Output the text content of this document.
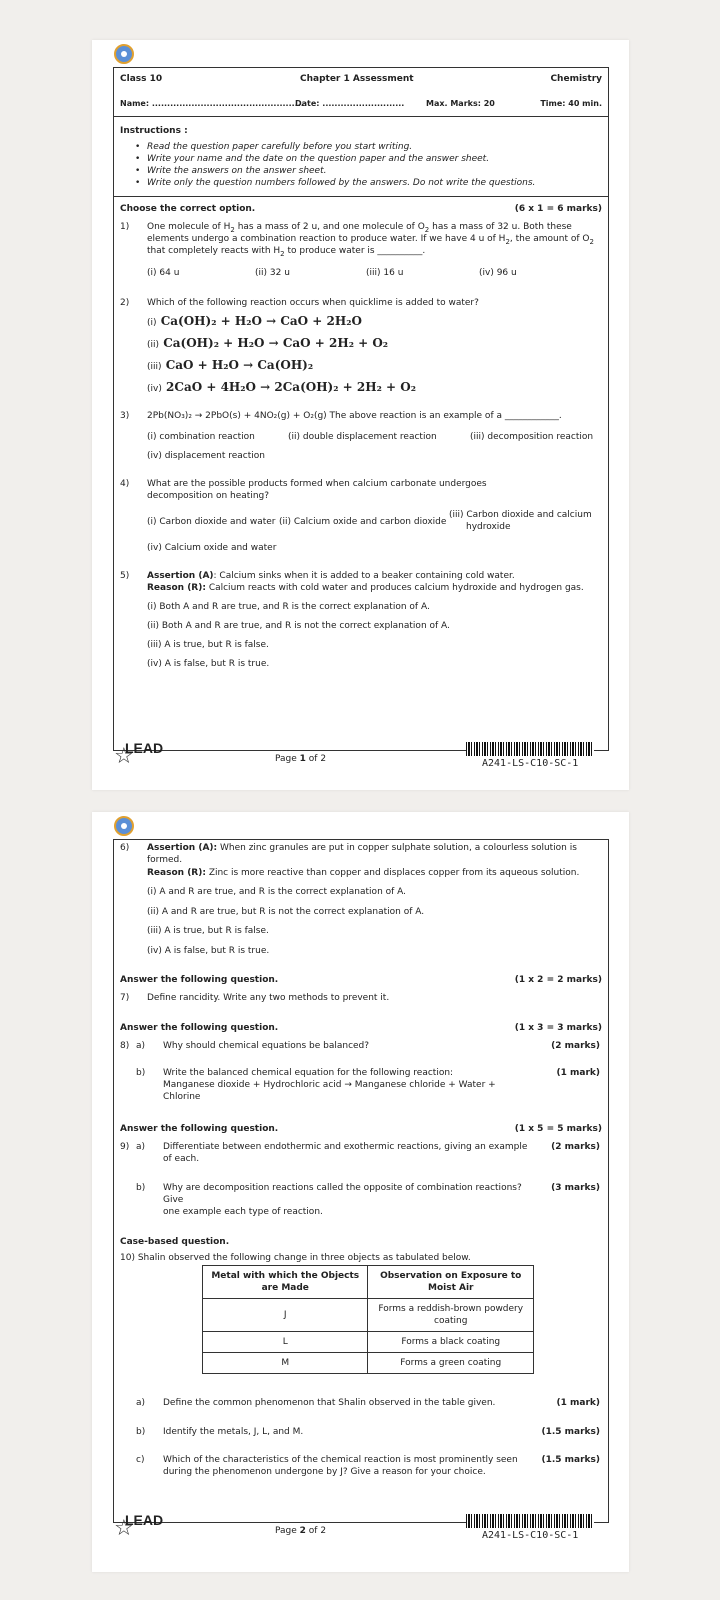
Class 10	Chapter 1 Assessment	Chemistry
Name: ..................................................
Date: ...........................	Max. Marks: 20	Time: 40 min.
Instructions :
• Read the question paper carefully before you start writing.
• Write your name and the date on the question paper and the answer sheet.
• Write the answers on the answer sheet.
• Write only the question numbers followed by the answers. Do not write the questions.
Choose the correct option.	(6 x 1 = 6 marks)
1) One molecule of $H_2$ has a mass of 2 u, and one molecule of $O_2$ has a mass of 32 u. Both these
elements undergo a combination reaction to produce water. If we have 4 u of $H_2$, the amount of $O_2$
that completely reacts with $H_2$ to produce water is __________.
(i) 64 u	(ii) 32 u	(iii) 16 u	(iv) 96 u
2) Which of the following reaction occurs when quicklime is added to water?
(i) Ca(OH)₂ + H₂O → CaO + 2H₂O
(ii) Ca(OH)₂ + H₂O → CaO + 2H₂ + O₂
(iii) CaO + H₂O → Ca(OH)₂
(iv) 2CaO + 4H₂O → 2Ca(OH)₂ + 2H₂ + O₂
3) 2Pb(NO₃)₂ → 2PbO(s) + 4NO₂(g) + O₂(g) The above reaction is an example of a ____________.
(i) combination reaction	(ii) double displacement reaction	(iii) decomposition reaction
(iv) displacement reaction
4) What are the possible products formed when calcium carbonate undergoes
decomposition on heating?
(i) Carbon dioxide and water (ii) Calcium oxide and carbon dioxide
(iii) Carbon dioxide and calcium
hydroxide
(iv) Calcium oxide and water
5) Assertion (A): Calcium sinks when it is added to a beaker containing cold water.
Reason (R): Calcium reacts with cold water and produces calcium hydroxide and hydrogen gas.
(i) Both A and R are true, and R is the correct explanation of A.
(ii) Both A and R are true, and R is not the correct explanation of A.
(iii) A is true, but R is false.
(iv) A is false, but R is true.
☆
LEAD
Page 1 of 2	A241-LS-C10-SC-1
6) Assertion (A): When zinc granules are put in copper sulphate solution, a colourless solution is
formed.
Reason (R): Zinc is more reactive than copper and displaces copper from its aqueous solution.
(i) A and R are true, and R is the correct explanation of A.
(ii) A and R are true, but R is not the correct explanation of A.
(iii) A is true, but R is false.
(iv) A is false, but R is true.
Answer the following question.	(1 x 2 = 2 marks)
7) Define rancidity. Write any two methods to prevent it.
Answer the following question.	(1 x 3 = 3 marks)
8) a) Why should chemical equations be balanced?	(2 marks)
b) Write the balanced chemical equation for the following reaction:
Manganese dioxide + Hydrochloric acid → Manganese chloride + Water +
Chlorine
(1 mark)
Answer the following question.	(1 x 5 = 5 marks)
9) a) Differentiate between endothermic and exothermic reactions, giving an example
of each.
(2 marks)
b) Why are decomposition reactions called the opposite of combination reactions?
Give
one example each type of reaction.
(3 marks)
Case-based question.
10) Shalin observed the following change in three objects as tabulated below.
Metal with which the Objects are Made	Observation on Exposure to Moist Air
J	Forms a reddish-brown powdery coating
L	Forms a black coating
M	Forms a green coating
a) Define the common phenomenon that Shalin observed in the table given.	(1 mark)
b) Identify the metals, J, L, and M.	(1.5 marks)
c) Which of the characteristics of the chemical reaction is most prominently seen
during the phenomenon undergone by J? Give a reason for your choice.
(1.5 marks)
☆
LEAD
Page 2 of 2	A241-LS-C10-SC-1
